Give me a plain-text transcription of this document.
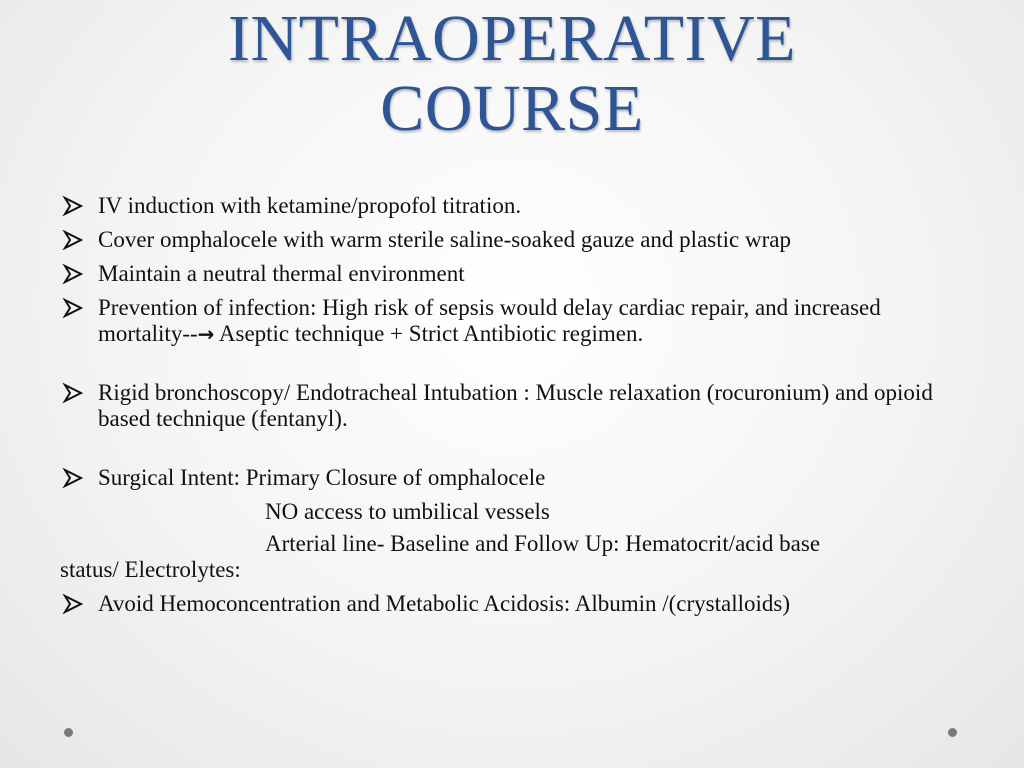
INTRAOPERATIVE
COURSE
IV induction with ketamine/propofol titration.
Cover omphalocele with warm sterile saline-soaked gauze and plastic wrap
Maintain a neutral thermal environment
Prevention of infection: High risk of sepsis would delay cardiac repair, and increased mortality--→ Aseptic technique + Strict Antibiotic regimen.
Rigid bronchoscopy/ Endotracheal Intubation : Muscle relaxation (rocuronium) and opioid based technique (fentanyl).
Surgical Intent: Primary Closure of omphalocele
NO access to umbilical vessels
Arterial line- Baseline and Follow Up: Hematocrit/acid base
status/ Electrolytes:
Avoid Hemoconcentration and Metabolic Acidosis: Albumin /(crystalloids)
